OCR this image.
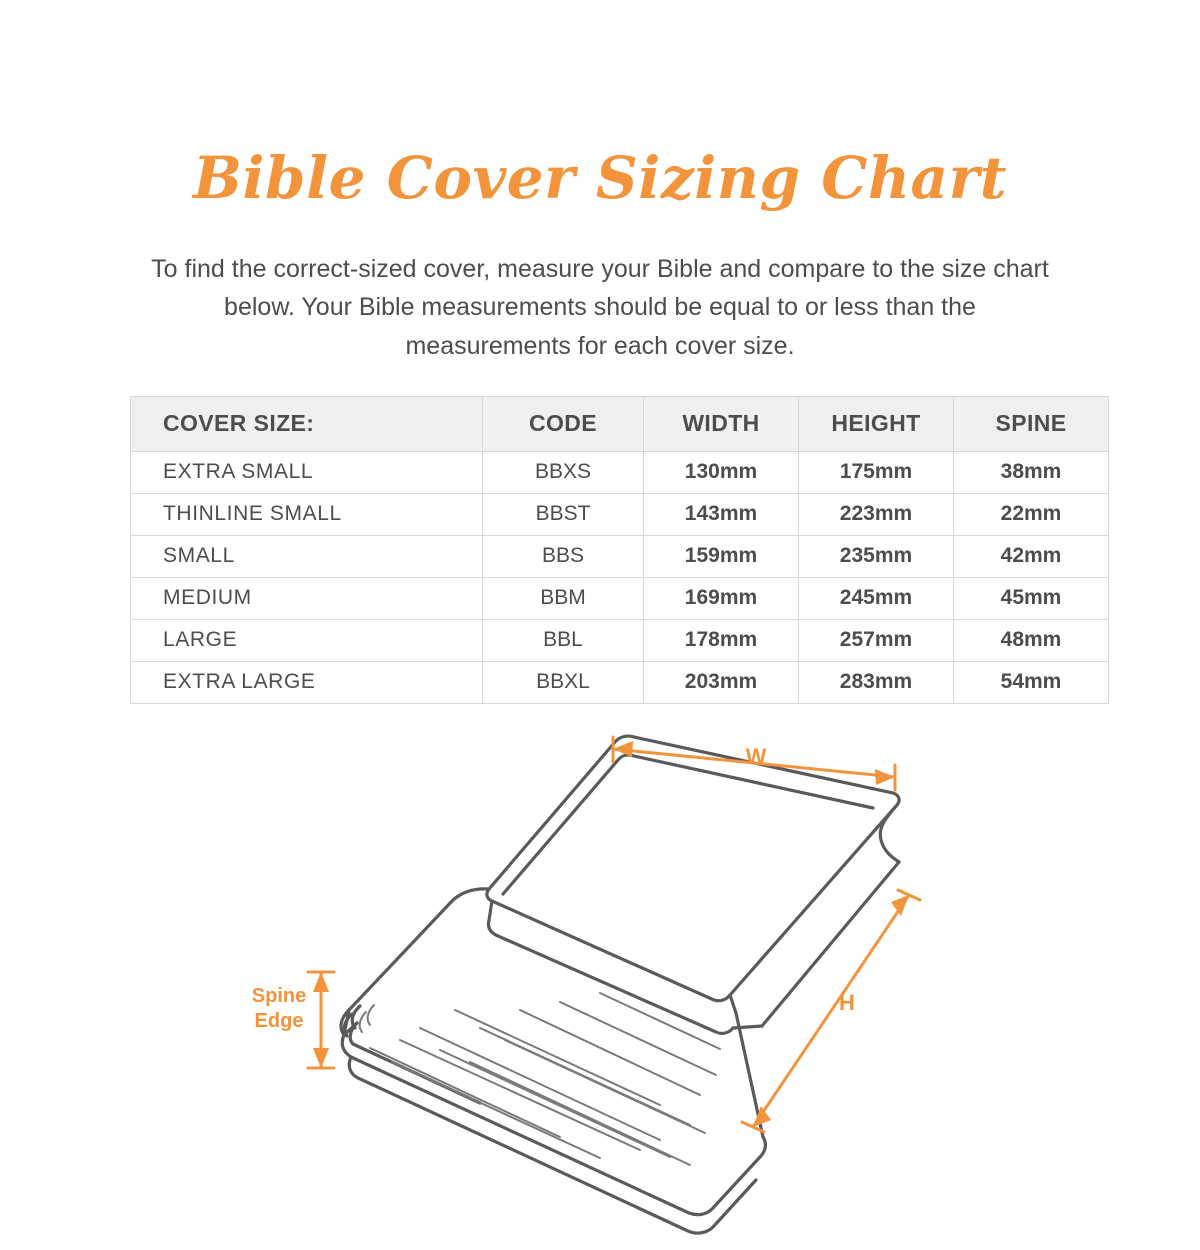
Bible Cover Sizing Chart

To find the correct-sized cover, measure your Bible and compare to the size chart below. Your Bible measurements should be equal to or less than the measurements for each cover size.

COVER SIZE:	CODE	WIDTH	HEIGHT	SPINE
EXTRA SMALL	BBXS	130mm	175mm	38mm
THINLINE SMALL	BBST	143mm	223mm	22mm
SMALL	BBS	159mm	235mm	42mm
MEDIUM	BBM	169mm	245mm	45mm
LARGE	BBL	178mm	257mm	48mm
EXTRA LARGE	BBXL	203mm	283mm	54mm
W
H
Spine
Edge
